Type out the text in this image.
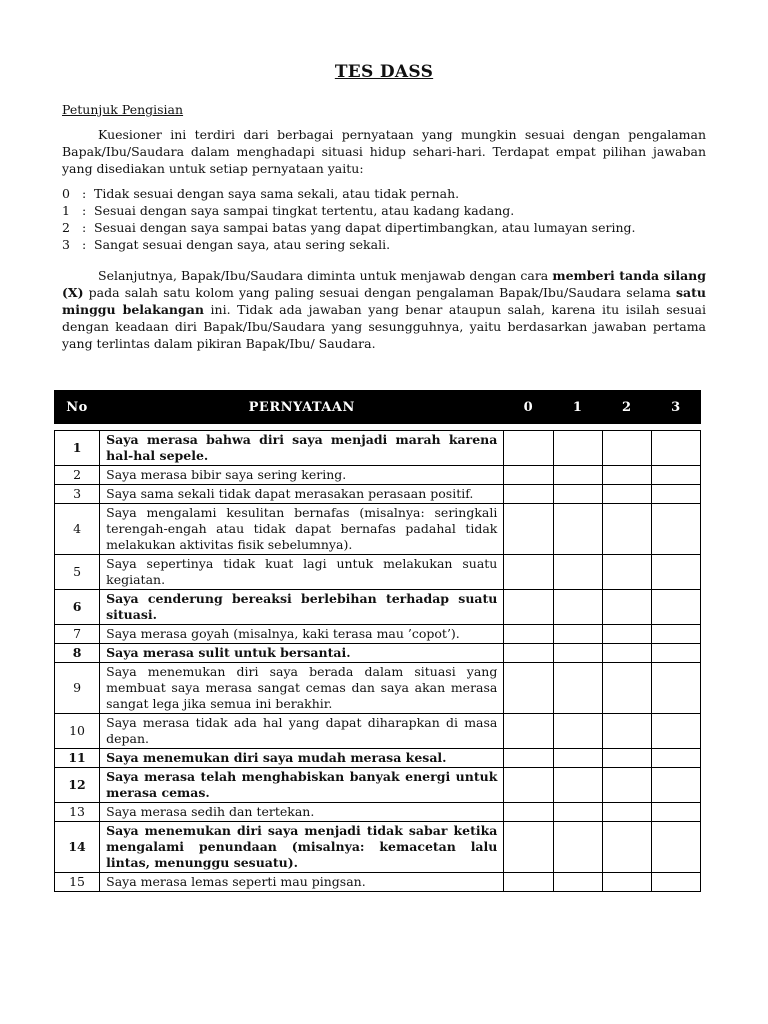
TES DASS
Petunjuk Pengisian
Kuesioner ini terdiri dari berbagai pernyataan yang mungkin sesuai dengan pengalaman Bapak/Ibu/Saudara dalam menghadapi situasi hidup sehari-hari. Terdapat empat pilihan jawaban yang disediakan untuk setiap pernyataan yaitu:
0 : Tidak sesuai dengan saya sama sekali, atau tidak pernah.
1 : Sesuai dengan saya sampai tingkat tertentu, atau kadang kadang.
2 : Sesuai dengan saya sampai batas yang dapat dipertimbangkan, atau lumayan sering.
3 : Sangat sesuai dengan saya, atau sering sekali.
Selanjutnya, Bapak/Ibu/Saudara diminta untuk menjawab dengan cara memberi tanda silang (X) pada salah satu kolom yang paling sesuai dengan pengalaman Bapak/Ibu/Saudara selama satu minggu belakangan ini. Tidak ada jawaban yang benar ataupun salah, karena itu isilah sesuai dengan keadaan diri Bapak/Ibu/Saudara yang sesungguhnya, yaitu berdasarkan jawaban pertama yang terlintas dalam pikiran Bapak/Ibu/ Saudara.
No	PERNYATAAN	0	1	2	3

1	Saya merasa bahwa diri saya menjadi marah karena hal-hal sepele.				
2	Saya merasa bibir saya sering kering.				
3	Saya sama sekali tidak dapat merasakan perasaan positif.				
4	Saya mengalami kesulitan bernafas (misalnya: seringkali terengah-engah atau tidak dapat bernafas padahal tidak melakukan aktivitas fisik sebelumnya).				
5	Saya sepertinya tidak kuat lagi untuk melakukan suatu kegiatan.				
6	Saya cenderung bereaksi berlebihan terhadap suatu situasi.				
7	Saya merasa goyah (misalnya, kaki terasa mau ’copot’).				
8	Saya merasa sulit untuk bersantai.				
9	Saya menemukan diri saya berada dalam situasi yang membuat saya merasa sangat cemas dan saya akan merasa sangat lega jika semua ini berakhir.				
10	Saya merasa tidak ada hal yang dapat diharapkan di masa depan.				
11	Saya menemukan diri saya mudah merasa kesal.				
12	Saya merasa telah menghabiskan banyak energi untuk merasa cemas.				
13	Saya merasa sedih dan tertekan.				
14	Saya menemukan diri saya menjadi tidak sabar ketika mengalami penundaan (misalnya: kemacetan lalu lintas, menunggu sesuatu).				
15	Saya merasa lemas seperti mau pingsan.				
